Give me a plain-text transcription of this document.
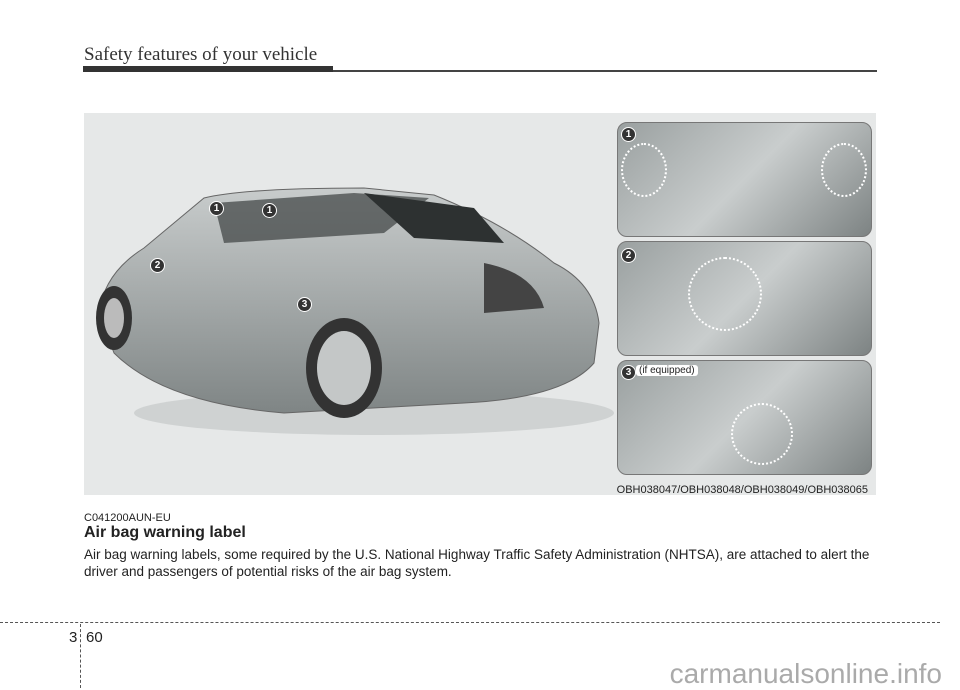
Safety features of your vehicle
1	1
2
3
1
2
3 (if equipped)
OBH038047/OBH038048/OBH038049/OBH038065
C041200AUN-EU
Air bag warning label
Air bag warning labels, some required by the U.S. National Highway Traffic Safety Administration (NHTSA), are attached to alert the driver and passengers of potential risks of the air bag system.
3 60
carmanualsonline.info
